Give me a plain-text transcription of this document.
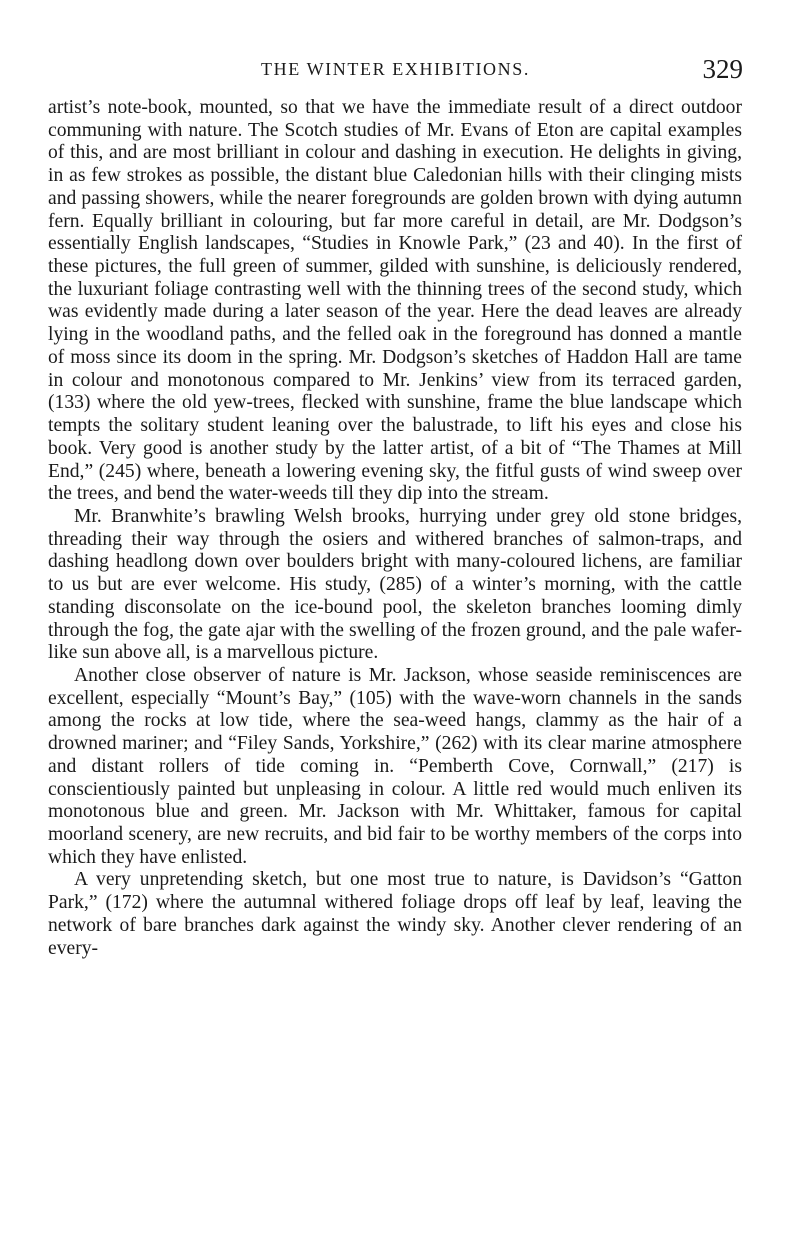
THE WINTER EXHIBITIONS.	329

artist’s note-book, mounted, so that we have the immediate result of a direct outdoor communing with nature. The Scotch studies of Mr. Evans of Eton are capital examples of this, and are most brilliant in colour and dashing in execution. He delights in giving, in as few strokes as possible, the distant blue Caledonian hills with their clinging mists and passing showers, while the nearer foregrounds are golden brown with dying autumn fern. Equally brilliant in colouring, but far more careful in detail, are Mr. Dodgson’s essentially English landscapes, “Studies in Knowle Park,” (23 and 40). In the first of these pictures, the full green of summer, gilded with sunshine, is deliciously rendered, the luxuriant foliage contrasting well with the thinning trees of the second study, which was evidently made during a later season of the year. Here the dead leaves are already lying in the woodland paths, and the felled oak in the foreground has donned a mantle of moss since its doom in the spring. Mr. Dodgson’s sketches of Haddon Hall are tame in colour and monotonous compared to Mr. Jenkins’ view from its terraced garden, (133) where the old yew-trees, flecked with sunshine, frame the blue landscape which tempts the solitary student leaning over the balustrade, to lift his eyes and close his book. Very good is another study by the latter artist, of a bit of “The Thames at Mill End,” (245) where, beneath a lowering evening sky, the fitful gusts of wind sweep over the trees, and bend the water-weeds till they dip into the stream.

Mr. Branwhite’s brawling Welsh brooks, hurrying under grey old stone bridges, threading their way through the osiers and withered branches of salmon-traps, and dashing headlong down over boulders bright with many-coloured lichens, are familiar to us but are ever welcome. His study, (285) of a winter’s morning, with the cattle standing disconsolate on the ice-bound pool, the skeleton branches looming dimly through the fog, the gate ajar with the swelling of the frozen ground, and the pale wafer-like sun above all, is a marvellous picture.

Another close observer of nature is Mr. Jackson, whose seaside reminiscences are excellent, especially “Mount’s Bay,” (105) with the wave-worn channels in the sands among the rocks at low tide, where the sea-weed hangs, clammy as the hair of a drowned mariner; and “Filey Sands, Yorkshire,” (262) with its clear marine atmosphere and distant rollers of tide coming in. “Pemberth Cove, Cornwall,” (217) is conscientiously painted but unpleasing in colour. A little red would much enliven its monotonous blue and green. Mr. Jackson with Mr. Whittaker, famous for capital moorland scenery, are new recruits, and bid fair to be worthy members of the corps into which they have enlisted.

A very unpretending sketch, but one most true to nature, is Davidson’s “Gatton Park,” (172) where the autumnal withered foliage drops off leaf by leaf, leaving the network of bare branches dark against the windy sky. Another clever rendering of an every-
